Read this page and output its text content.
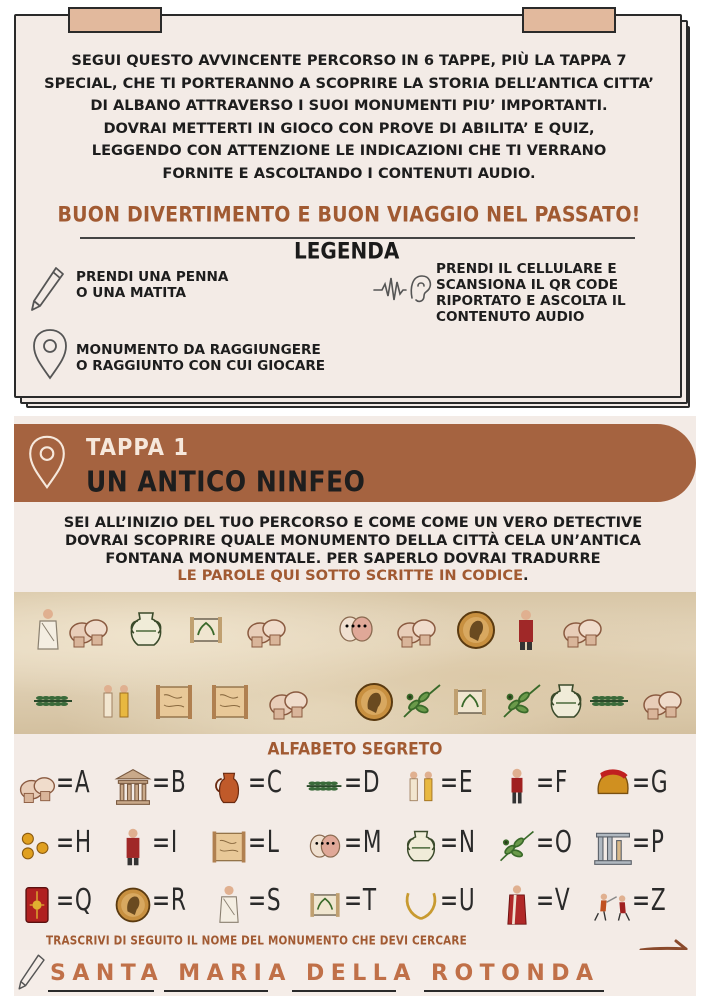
SEGUI QUESTO AVVINCENTE PERCORSO IN 6 TAPPE, PIÙ LA TAPPA 7
SPECIAL, CHE TI PORTERANNO A SCOPRIRE LA STORIA DELL’ANTICA CITTA’
DI ALBANO ATTRAVERSO I SUOI MONUMENTI PIU’ IMPORTANTI.
DOVRAI METTERTI IN GIOCO CON PROVE DI ABILITA’ E QUIZ,
LEGGENDO CON ATTENZIONE LE INDICAZIONI CHE TI VERRANO
FORNITE E ASCOLTANDO I CONTENUTI AUDIO.
BUON DIVERTIMENTO E BUON VIAGGIO NEL PASSATO!
LEGENDA
PRENDI UNA PENNA
O UNA MATITA
PRENDI IL CELLULARE E
SCANSIONA IL QR CODE
RIPORTATO E ASCOLTA IL
CONTENUTO AUDIO
MONUMENTO DA RAGGIUNGERE
O RAGGIUNTO CON CUI GIOCARE
TAPPA 1
UN ANTICO NINFEO
SEI ALL’INIZIO DEL TUO PERCORSO E COME COME UN VERO DETECTIVE
DOVRAI SCOPRIRE QUALE MONUMENTO DELLA CITTÀ CELA UN’ANTICA
FONTANA MONUMENTALE. PER SAPERLO DOVRAI TRADURRE
LE PAROLE QUI SOTTO SCRITTE IN CODICE.
ALFABETO SEGRETO
=A =B =C =D =E =F =G
=H =I =L =M =N =O =P
=Q =R =S =T =U =V =Z
TRASCRIVI DI SEGUITO IL NOME DEL MONUMENTO CHE DEVI CERCARE
SANTA MARIA DELLA ROTONDA
